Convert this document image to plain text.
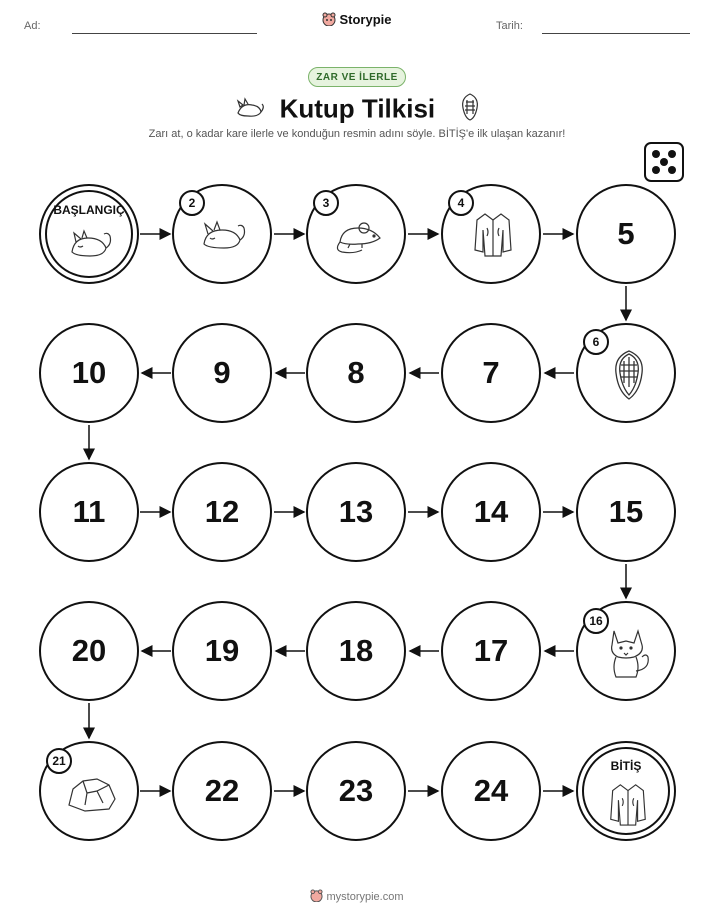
Ad:	Tarih:
Storypie
ZAR VE İLERLE
Kutup Tilkisi
Zarı at, o kadar kare ilerle ve konduğun resmin adını söyle. BİTİŞ'e ilk ulaşan kazanır!
BAŞLANGIÇ	2	3	4
5
6
7
8
9
10
11	12	13	14	15
16
17
18
19
20
21
22	23	24
BİTİŞ
mystorypie.com
